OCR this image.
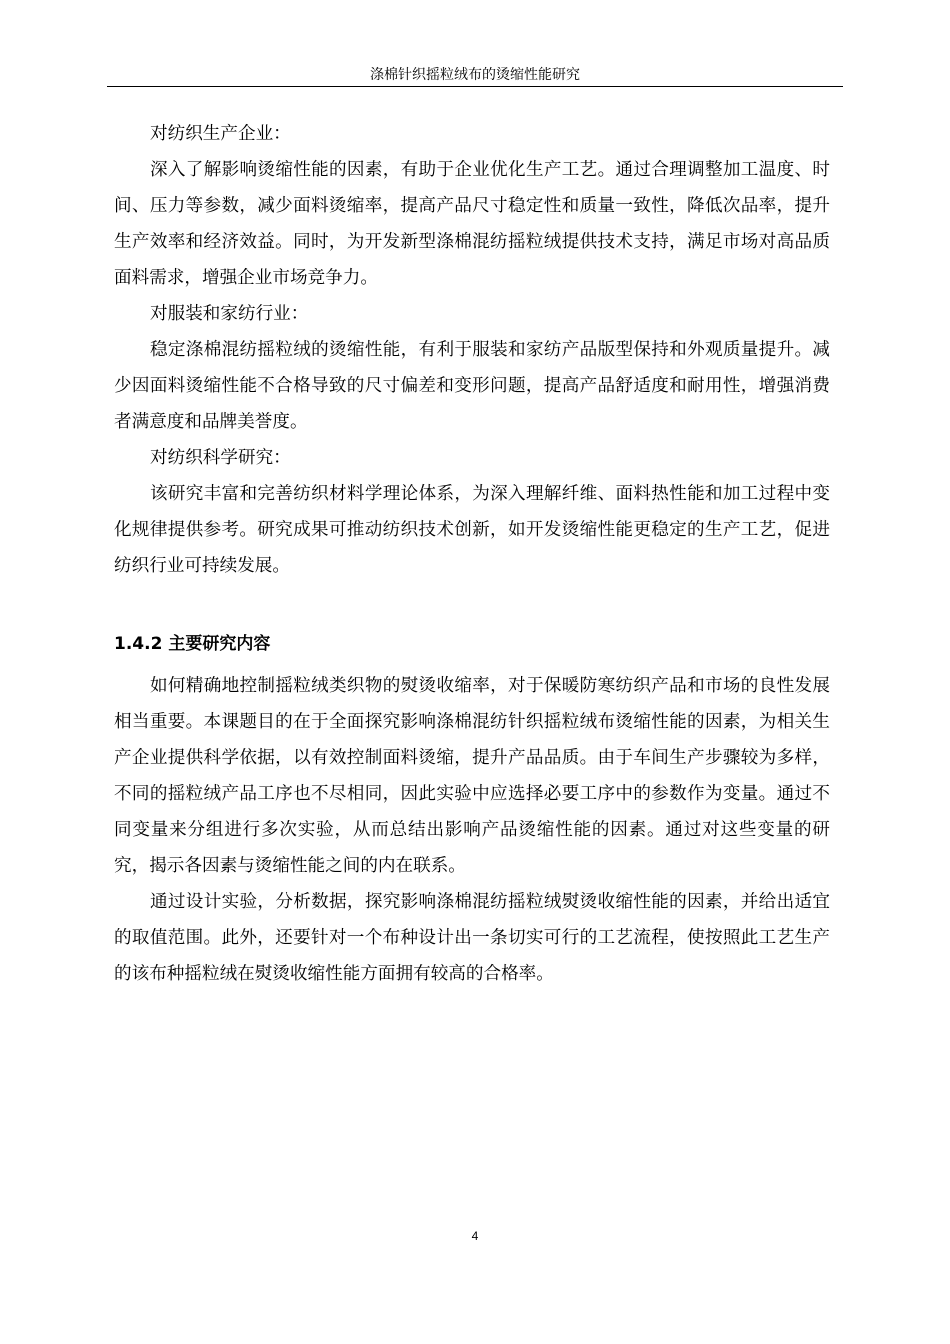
涤棉针织摇粒绒布的烫缩性能研究

对纺织生产企业：

深入了解影响烫缩性能的因素，有助于企业优化生产工艺。通过合理调整加工温度、时间、压力等参数，减少面料烫缩率，提高产品尺寸稳定性和质量一致性，降低次品率，提升生产效率和经济效益。同时，为开发新型涤棉混纺摇粒绒提供技术支持，满足市场对高品质面料需求，增强企业市场竞争力。

对服装和家纺行业：

稳定涤棉混纺摇粒绒的烫缩性能，有利于服装和家纺产品版型保持和外观质量提升。减少因面料烫缩性能不合格导致的尺寸偏差和变形问题，提高产品舒适度和耐用性，增强消费者满意度和品牌美誉度。

对纺织科学研究：

该研究丰富和完善纺织材料学理论体系，为深入理解纤维、面料热性能和加工过程中变化规律提供参考。研究成果可推动纺织技术创新，如开发烫缩性能更稳定的生产工艺，促进纺织行业可持续发展。

1.4.2 主要研究内容

如何精确地控制摇粒绒类织物的熨烫收缩率，对于保暖防寒纺织产品和市场的良性发展相当重要。本课题目的在于全面探究影响涤棉混纺针织摇粒绒布烫缩性能的因素，为相关生产企业提供科学依据，以有效控制面料烫缩，提升产品品质。由于车间生产步骤较为多样，不同的摇粒绒产品工序也不尽相同，因此实验中应选择必要工序中的参数作为变量。通过不同变量来分组进行多次实验，从而总结出影响产品烫缩性能的因素。通过对这些变量的研究，揭示各因素与烫缩性能之间的内在联系。

通过设计实验，分析数据，探究影响涤棉混纺摇粒绒熨烫收缩性能的因素，并给出适宜的取值范围。此外，还要针对一个布种设计出一条切实可行的工艺流程，使按照此工艺生产的该布种摇粒绒在熨烫收缩性能方面拥有较高的合格率。

4
